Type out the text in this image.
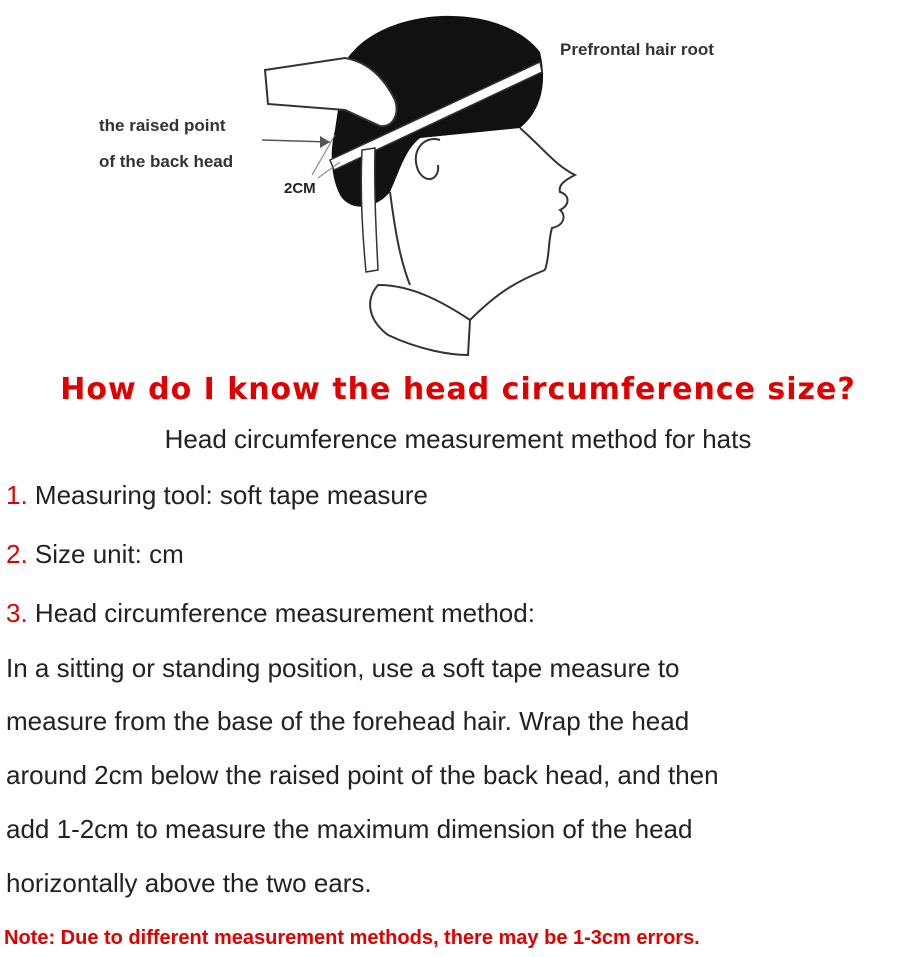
Prefrontal hair root
the raised point
of the back head
2CM
How do I know the head circumference size?
Head circumference measurement method for hats
1. Measuring tool: soft tape measure
2. Size unit: cm
3. Head circumference measurement method:
In a sitting or standing position, use a soft tape measure to
measure from the base of the forehead hair. Wrap the head
around 2cm below the raised point of the back head, and then
add 1-2cm to measure the maximum dimension of the head
horizontally above the two ears.
Note: Due to different measurement methods, there may be 1-3cm errors.
